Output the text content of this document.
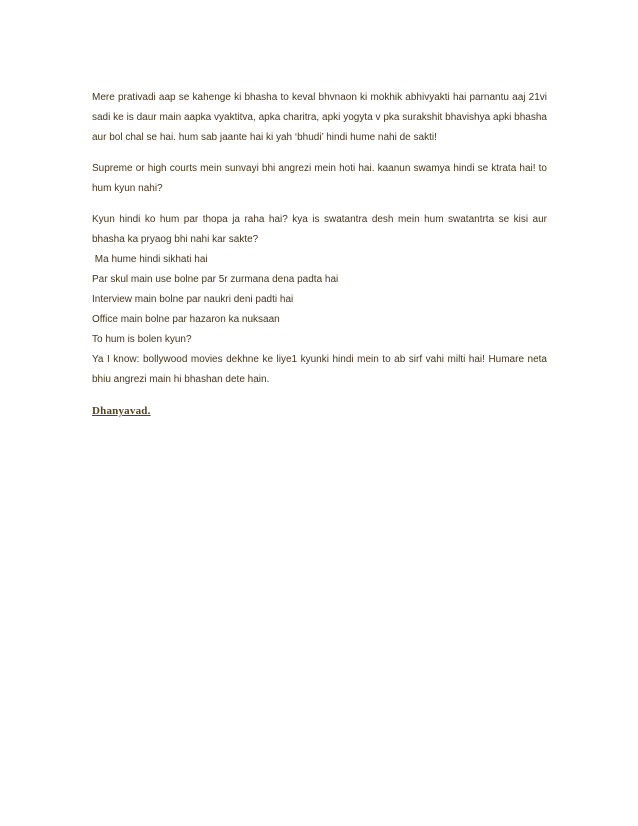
Mere prativadi aap se kahenge ki bhasha to keval bhvnaon ki mokhik abhivyakti hai parnantu aaj 21vi sadi ke is daur main aapka vyaktitva, apka charitra, apki yogyta v pka surakshit bhavishya apki bhasha aur bol chal se hai. hum sab jaante hai ki yah ‘bhudi’ hindi hume nahi de sakti!

Supreme or high courts mein sunvayi bhi angrezi mein hoti hai. kaanun swamya hindi se ktrata hai! to hum kyun nahi?

Kyun hindi ko hum par thopa ja raha hai? kya is swatantra desh mein hum swatantrta se kisi aur bhasha ka pryaog bhi nahi kar sakte?
Ma hume hindi sikhati hai
Par skul main use bolne par 5r zurmana dena padta hai
Interview main bolne par naukri deni padti hai
Office main bolne par hazaron ka nuksaan
To hum is bolen kyun?
Ya I know: bollywood movies dekhne ke liye1 kyunki hindi mein to ab sirf vahi milti hai! Humare neta bhiu angrezi main hi bhashan dete hain.
Dhanyavad.
